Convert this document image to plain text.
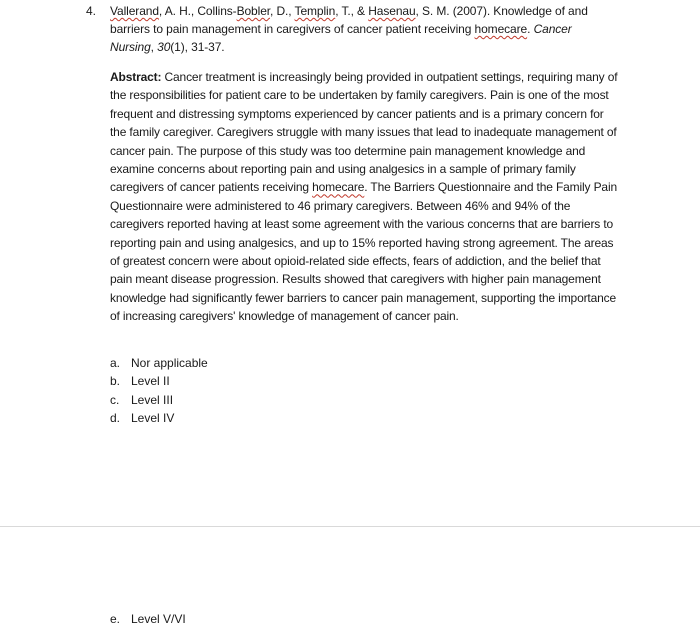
4. Vallerand, A. H., Collins-Bobler, D., Templin, T., & Hasenau, S. M. (2007). Knowledge of and barriers to pain management in caregivers of cancer patient receiving homecare. Cancer Nursing, 30(1), 31-37.
Abstract: Cancer treatment is increasingly being provided in outpatient settings, requiring many of the responsibilities for patient care to be undertaken by family caregivers. Pain is one of the most frequent and distressing symptoms experienced by cancer patients and is a primary concern for the family caregiver. Caregivers struggle with many issues that lead to inadequate management of cancer pain. The purpose of this study was too determine pain management knowledge and examine concerns about reporting pain and using analgesics in a sample of primary family caregivers of cancer patients receiving homecare. The Barriers Questionnaire and the Family Pain Questionnaire were administered to 46 primary caregivers. Between 46% and 94% of the caregivers reported having at least some agreement with the various concerns that are barriers to reporting pain and using analgesics, and up to 15% reported having strong agreement. The areas of greatest concern were about opioid-related side effects, fears of addiction, and the belief that pain meant disease progression. Results showed that caregivers with higher pain management knowledge had significantly fewer barriers to cancer pain management, supporting the importance of increasing caregivers' knowledge of management of cancer pain.
a. Nor applicable
b. Level II
c. Level III
d. Level IV
e. Level V/VI
